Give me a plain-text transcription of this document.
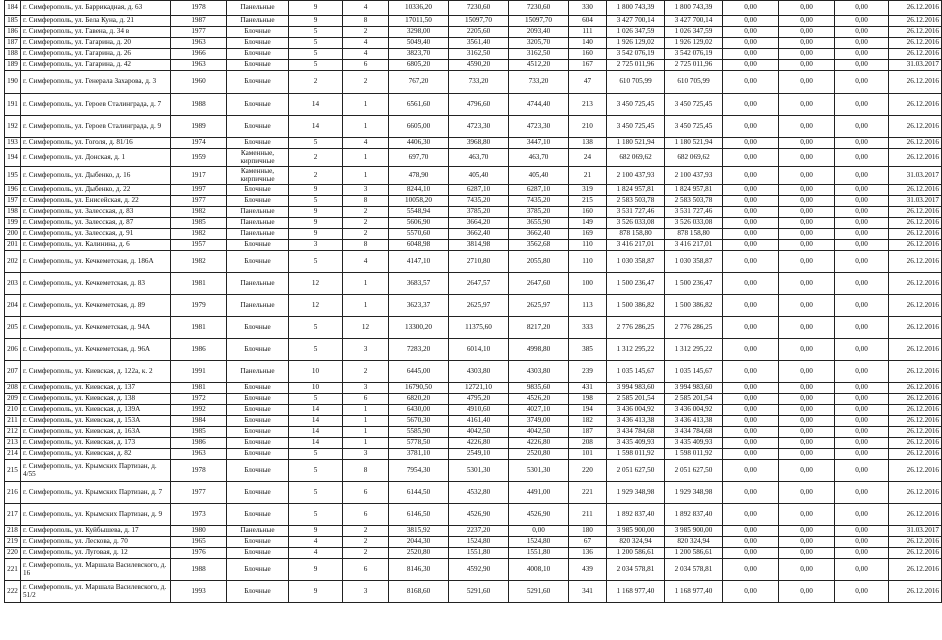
184	г. Симферополь, ул. Баррикадная, д. 63	1978	Панельные	9	4	10336,20	7230,60	7230,60	330	1 800 743,39	1 800 743,39	0,00	0,00	0,00	26.12.2016
185	г. Симферополь, ул. Бела Куна, д. 21	1987	Панельные	9	8	17011,50	15097,70	15097,70	604	3 427 700,14	3 427 700,14	0,00	0,00	0,00	26.12.2016
186	г. Симферополь, ул. Гавена, д. 34 в	1977	Блочные	5	2	3298,00	2205,60	2093,40	111	1 026 347,59	1 026 347,59	0,00	0,00	0,00	26.12.2016
187	г. Симферополь, ул. Гагарина, д. 20	1963	Блочные	5	4	5049,40	3561,40	3205,70	140	1 926 129,02	1 926 129,02	0,00	0,00	0,00	26.12.2016
188	г. Симферополь, ул. Гагарина, д. 26	1966	Блочные	5	4	3823,70	3162,50	3162,50	160	3 542 076,19	3 542 076,19	0,00	0,00	0,00	26.12.2016
189	г. Симферополь, ул. Гагарина, д. 42	1963	Блочные	5	6	6805,20	4590,20	4512,20	167	2 725 011,96	2 725 011,96	0,00	0,00	0,00	31.03.2017
190	г. Симферополь, ул. Генерала Захарова, д. 3	1960	Блочные	2	2	767,20	733,20	733,20	47	610 705,99	610 705,99	0,00	0,00	0,00	26.12.2016
191	г. Симферополь, ул. Героев Сталинграда, д. 7	1988	Блочные	14	1	6561,60	4796,60	4744,40	213	3 450 725,45	3 450 725,45	0,00	0,00	0,00	26.12.2016
192	г. Симферополь, ул. Героев Сталинграда, д. 9	1989	Блочные	14	1	6605,00	4723,30	4723,30	210	3 450 725,45	3 450 725,45	0,00	0,00	0,00	26.12.2016
193	г. Симферополь, ул. Гоголя, д. 81/16	1974	Блочные	5	4	4406,30	3968,80	3447,10	138	1 180 521,94	1 180 521,94	0,00	0,00	0,00	26.12.2016
194	г. Симферополь, ул. Донская, д. 1	1959	Каменные, кирпичные	2	1	697,70	463,70	463,70	24	682 069,62	682 069,62	0,00	0,00	0,00	26.12.2016
195	г. Симферополь, ул. Дыбенко, д. 16	1917	Каменные, кирпичные	2	1	478,90	405,40	405,40	21	2 100 437,93	2 100 437,93	0,00	0,00	0,00	31.03.2017
196	г. Симферополь, ул. Дыбенко, д. 22	1997	Блочные	9	3	8244,10	6287,10	6287,10	319	1 824 957,81	1 824 957,81	0,00	0,00	0,00	26.12.2016
197	г. Симферополь, ул. Енисейская, д. 22	1977	Блочные	5	8	10058,20	7435,20	7435,20	215	2 583 503,78	2 583 503,78	0,00	0,00	0,00	31.03.2017
198	г. Симферополь, ул. Залесская, д. 83	1982	Панельные	9	2	5548,94	3785,20	3785,20	160	3 531 727,46	3 531 727,46	0,00	0,00	0,00	26.12.2016
199	г. Симферополь, ул. Залесская, д. 87	1985	Панельные	9	2	5606,90	3664,20	3655,90	149	3 526 033,08	3 526 033,08	0,00	0,00	0,00	26.12.2016
200	г. Симферополь, ул. Залесская, д. 91	1982	Панельные	9	2	5570,60	3662,40	3662,40	169	878 158,80	878 158,80	0,00	0,00	0,00	26.12.2016
201	г. Симферополь, ул. Калинина, д. 6	1957	Блочные	3	8	6048,98	3814,98	3562,68	110	3 416 217,01	3 416 217,01	0,00	0,00	0,00	26.12.2016
202	г. Симферополь, ул. Кечкеметская, д. 186А	1982	Блочные	5	4	4147,10	2710,80	2055,80	110	1 030 358,87	1 030 358,87	0,00	0,00	0,00	26.12.2016
203	г. Симферополь, ул. Кечкеметская, д. 83	1981	Панельные	12	1	3683,57	2647,57	2647,60	100	1 500 236,47	1 500 236,47	0,00	0,00	0,00	26.12.2016
204	г. Симферополь, ул. Кечкеметская, д. 89	1979	Панельные	12	1	3623,37	2625,97	2625,97	113	1 500 386,82	1 500 386,82	0,00	0,00	0,00	26.12.2016
205	г. Симферополь, ул. Кечкеметская, д. 94А	1981	Блочные	5	12	13300,20	11375,60	8217,20	333	2 776 286,25	2 776 286,25	0,00	0,00	0,00	26.12.2016
206	г. Симферополь, ул. Кечкеметская, д. 96А	1986	Блочные	5	3	7283,20	6014,10	4998,80	385	1 312 295,22	1 312 295,22	0,00	0,00	0,00	26.12.2016
207	г. Симферополь, ул. Киевская, д. 122а, к. 2	1991	Панельные	10	2	6445,00	4303,80	4303,80	239	1 035 145,67	1 035 145,67	0,00	0,00	0,00	26.12.2016
208	г. Симферополь, ул. Киевская, д. 137	1981	Блочные	10	3	16790,50	12721,10	9835,60	431	3 994 983,60	3 994 983,60	0,00	0,00	0,00	26.12.2016
209	г. Симферополь, ул. Киевская, д. 138	1972	Блочные	5	6	6820,20	4795,20	4526,20	198	2 585 201,54	2 585 201,54	0,00	0,00	0,00	26.12.2016
210	г. Симферополь, ул. Киевская, д. 139А	1992	Блочные	14	1	6430,00	4910,60	4027,10	194	3 436 004,92	3 436 004,92	0,00	0,00	0,00	26.12.2016
211	г. Симферополь, ул. Киевская, д. 153А	1984	Блочные	14	1	5670,30	4161,40	3749,00	182	3 436 413,38	3 436 413,38	0,00	0,00	0,00	26.12.2016
212	г. Симферополь, ул. Киевская, д. 163А	1985	Блочные	14	1	5585,90	4042,50	4042,50	187	3 434 784,68	3 434 784,68	0,00	0,00	0,00	26.12.2016
213	г. Симферополь, ул. Киевская, д. 173	1986	Блочные	14	1	5778,50	4226,80	4226,80	208	3 435 409,93	3 435 409,93	0,00	0,00	0,00	26.12.2016
214	г. Симферополь, ул. Киевская, д. 82	1963	Блочные	5	3	3781,10	2549,10	2520,80	101	1 598 011,92	1 598 011,92	0,00	0,00	0,00	26.12.2016
215	г. Симферополь, ул. Крымских Партизан, д. 4/55	1978	Блочные	5	8	7954,30	5301,30	5301,30	220	2 051 627,50	2 051 627,50	0,00	0,00	0,00	26.12.2016
216	г. Симферополь, ул. Крымских Партизан, д. 7	1977	Блочные	5	6	6144,50	4532,80	4491,00	221	1 929 348,98	1 929 348,98	0,00	0,00	0,00	26.12.2016
217	г. Симферополь, ул. Крымских Партизан, д. 9	1973	Блочные	5	6	6146,50	4526,90	4526,90	211	1 892 837,40	1 892 837,40	0,00	0,00	0,00	26.12.2016
218	г. Симферополь, ул. Куйбышева, д. 17	1980	Панельные	9	2	3815,92	2237,20	0,00	180	3 985 900,00	3 985 900,00	0,00	0,00	0,00	31.03.2017
219	г. Симферополь, ул. Лескова, д. 70	1965	Блочные	4	2	2044,30	1524,80	1524,80	67	820 324,94	820 324,94	0,00	0,00	0,00	26.12.2016
220	г. Симферополь, ул. Луговая, д. 12	1976	Блочные	4	2	2520,80	1551,80	1551,80	136	1 200 586,61	1 200 586,61	0,00	0,00	0,00	26.12.2016
221	г. Симферополь, ул. Маршала Василевского, д. 16	1988	Блочные	9	6	8146,30	4592,90	4008,10	439	2 034 578,81	2 034 578,81	0,00	0,00	0,00	26.12.2016
222	г. Симферополь, ул. Маршала Василевского, д. 51/2	1993	Блочные	9	3	8168,60	5291,60	5291,60	341	1 168 977,40	1 168 977,40	0,00	0,00	0,00	26.12.2016
